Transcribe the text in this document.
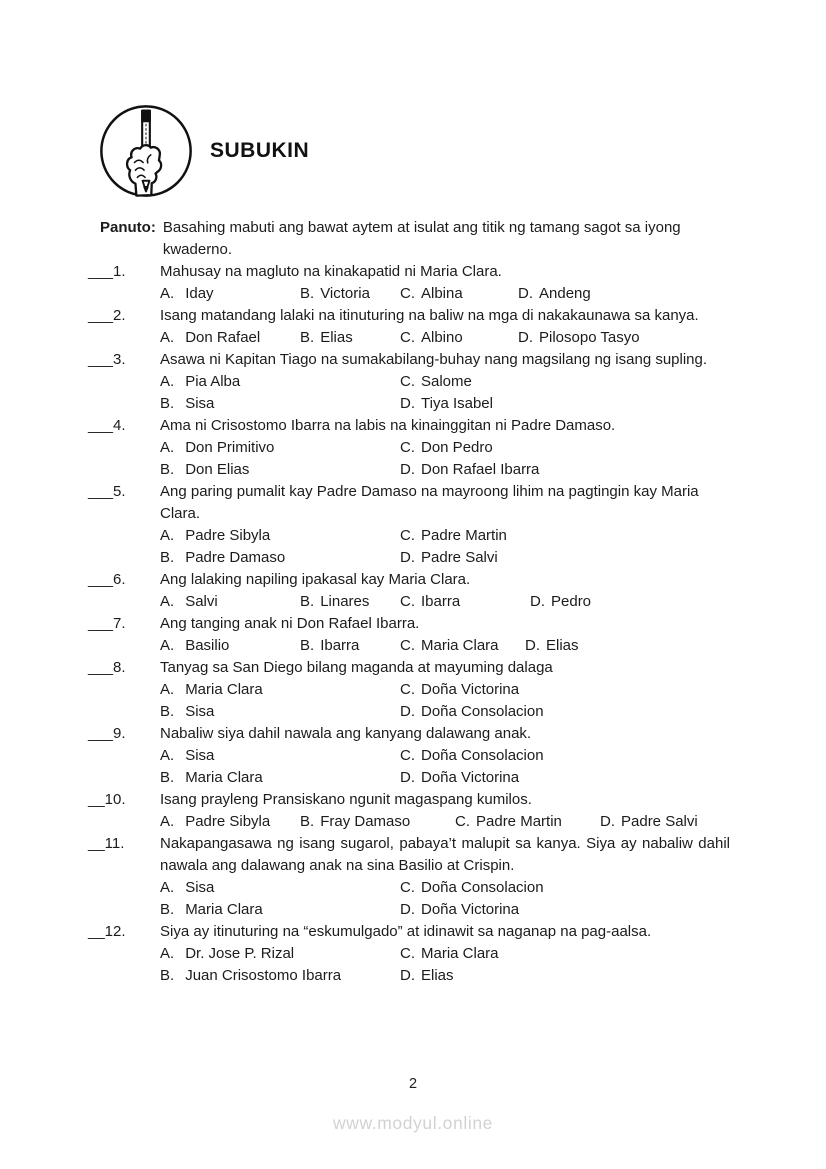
SUBUKIN
Panuto: Basahing mabuti ang bawat aytem at isulat ang titik ng tamang sagot sa iyong kwaderno.
___1.	Mahusay na magluto na kinakapatid ni Maria Clara.
A. Iday	B. Victoria	C. Albina	D. Andeng
___2.	Isang matandang lalaki na itinuturing na baliw na mga di nakakaunawa sa kanya.
A. Don Rafael	B. Elias	C. Albino	D. Pilosopo Tasyo
___3.	Asawa ni Kapitan Tiago na sumakabilang-buhay nang magsilang ng isang supling.
A. Pia Alba	C. Salome
B. Sisa	D. Tiya Isabel
___4.	Ama ni Crisostomo Ibarra na labis na kinainggitan ni Padre Damaso.
A. Don Primitivo	C. Don Pedro
B. Don Elias	D. Don Rafael Ibarra
___5.	Ang paring pumalit kay Padre Damaso na mayroong lihim na pagtingin kay Maria Clara.
A. Padre Sibyla	C. Padre Martin
B. Padre Damaso	D. Padre Salvi
___6.	Ang lalaking napiling ipakasal kay Maria Clara.
A. Salvi	B. Linares	C. Ibarra	D. Pedro
___7.	Ang tanging anak ni Don Rafael Ibarra.
A. Basilio	B. Ibarra	C. Maria Clara	D. Elias
___8.	Tanyag sa San Diego bilang maganda at mayuming dalaga
A. Maria Clara	C. Doña Victorina
B. Sisa	D. Doña Consolacion
___9.	Nabaliw siya dahil nawala ang kanyang dalawang anak.
A. Sisa	C. Doña Consolacion
B. Maria Clara	D. Doña Victorina
__10.	Isang prayleng Pransiskano ngunit magaspang kumilos.
A. Padre Sibyla	B. Fray Damaso	C. Padre Martin	D. Padre Salvi
__11.	Nakapangasawa ng isang sugarol, pabaya’t malupit sa kanya. Siya ay nabaliw dahil nawala ang dalawang anak na sina Basilio at Crispin.
A. Sisa	C. Doña Consolacion
B. Maria Clara	D. Doña Victorina
__12.	Siya ay itinuturing na “eskumulgado” at idinawit sa naganap na pag-aalsa.
A. Dr. Jose P. Rizal	C. Maria Clara
B. Juan Crisostomo Ibarra	D. Elias
2
www.modyul.online
